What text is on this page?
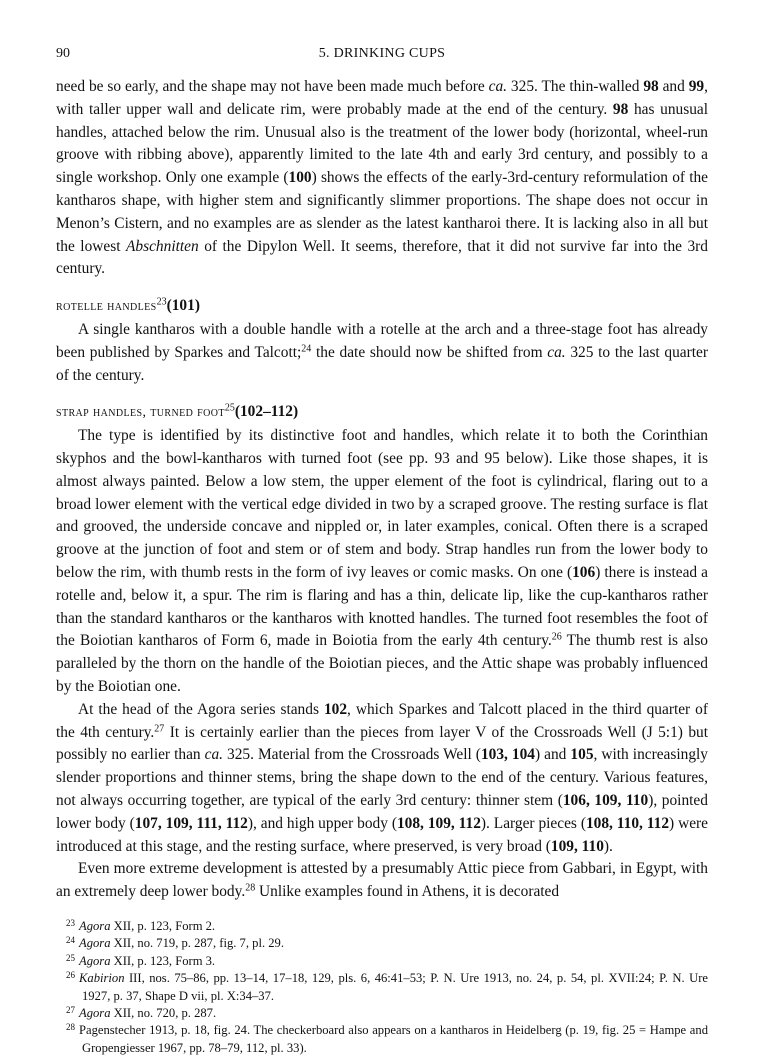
90	5. DRINKING CUPS

need be so early, and the shape may not have been made much before ca. 325. The thin-walled 98 and 99, with taller upper wall and delicate rim, were probably made at the end of the century. 98 has unusual handles, attached below the rim. Unusual also is the treatment of the lower body (horizontal, wheel-run groove with ribbing above), apparently limited to the late 4th and early 3rd century, and possibly to a single workshop. Only one example (100) shows the effects of the early-3rd-century reformulation of the kantharos shape, with higher stem and significantly slimmer proportions. The shape does not occur in Menon’s Cistern, and no examples are as slender as the latest kantharoi there. It is lacking also in all but the lowest Abschnitten of the Dipylon Well. It seems, therefore, that it did not survive far into the 3rd century.

rotelle handles$^{23}$(101)

A single kantharos with a double handle with a rotelle at the arch and a three-stage foot has already been published by Sparkes and Talcott;$^{24}$ the date should now be shifted from ca. 325 to the last quarter of the century.

strap handles, turned foot$^{25}$(102–112)

The type is identified by its distinctive foot and handles, which relate it to both the Corinthian skyphos and the bowl-kantharos with turned foot (see pp. 93 and 95 below). Like those shapes, it is almost always painted. Below a low stem, the upper element of the foot is cylindrical, flaring out to a broad lower element with the vertical edge divided in two by a scraped groove. The resting surface is flat and grooved, the underside concave and nippled or, in later examples, conical. Often there is a scraped groove at the junction of foot and stem or of stem and body. Strap handles run from the lower body to below the rim, with thumb rests in the form of ivy leaves or comic masks. On one (106) there is instead a rotelle and, below it, a spur. The rim is flaring and has a thin, delicate lip, like the cup-kantharos rather than the standard kantharos or the kantharos with knotted handles. The turned foot resembles the foot of the Boiotian kantharos of Form 6, made in Boiotia from the early 4th century.$^{26}$ The thumb rest is also paralleled by the thorn on the handle of the Boiotian pieces, and the Attic shape was probably influenced by the Boiotian one.

At the head of the Agora series stands 102, which Sparkes and Talcott placed in the third quarter of the 4th century.$^{27}$ It is certainly earlier than the pieces from layer V of the Crossroads Well (J 5:1) but possibly no earlier than ca. 325. Material from the Crossroads Well (103, 104) and 105, with increasingly slender proportions and thinner stems, bring the shape down to the end of the century. Various features, not always occurring together, are typical of the early 3rd century: thinner stem (106, 109, 110), pointed lower body (107, 109, 111, 112), and high upper body (108, 109, 112). Larger pieces (108, 110, 112) were introduced at this stage, and the resting surface, where preserved, is very broad (109, 110).

Even more extreme development is attested by a presumably Attic piece from Gabbari, in Egypt, with an extremely deep lower body.$^{28}$ Unlike examples found in Athens, it is decorated

$^{23}$ Agora XII, p. 123, Form 2.
$^{24}$ Agora XII, no. 719, p. 287, fig. 7, pl. 29.
$^{25}$ Agora XII, p. 123, Form 3.
$^{26}$ Kabirion III, nos. 75–86, pp. 13–14, 17–18, 129, pls. 6, 46:41–53; P. N. Ure 1913, no. 24, p. 54, pl. XVII:24; P. N. Ure 1927, p. 37, Shape D vii, pl. X:34–37.
$^{27}$ Agora XII, no. 720, p. 287.
$^{28}$ Pagenstecher 1913, p. 18, fig. 24. The checkerboard also appears on a kantharos in Heidelberg (p. 19, fig. 25 = Hampe and Gropengiesser 1967, pp. 78–79, 112, pl. 33).
